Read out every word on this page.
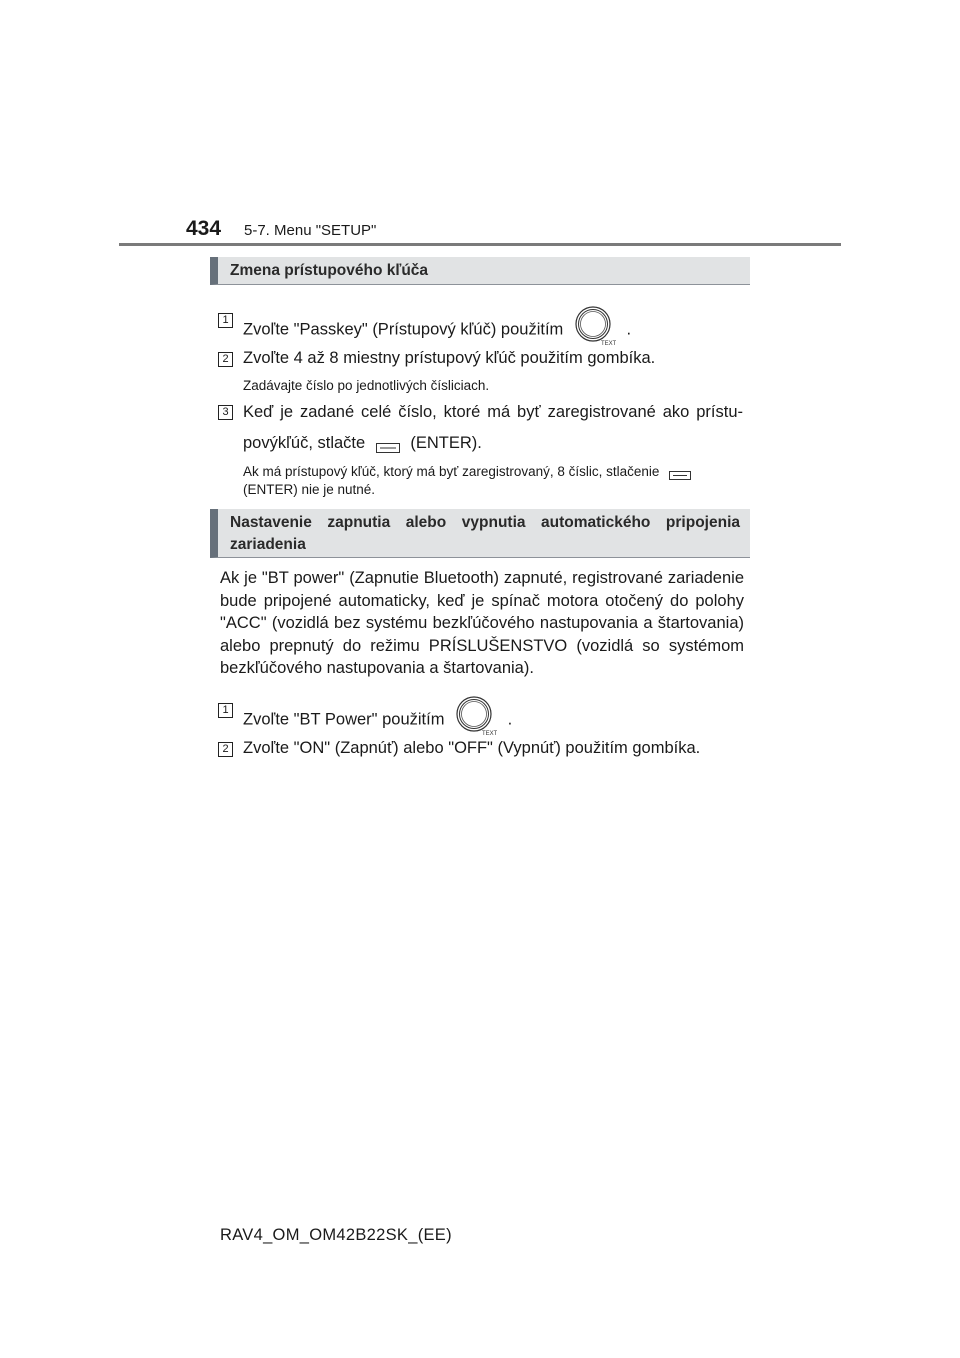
434 5-7. Menu "SETUP"
Zmena prístupového kľúča
1
Zvoľte "Passkey" (Prístupový kľúč) použitím
TEXT
.
2 Zvoľte 4 až 8 miestny prístupový kľúč použitím gombíka.
Zadávajte číslo po jednotlivých čísliciach.
3 Keď je zadané celé číslo, ktoré má byť zaregistrované ako prístu-
povýkľúč, stlačte	(ENTER).
Ak má prístupový kľúč, ktorý má byť zaregistrovaný, 8 číslic, stlačenie
(ENTER) nie je nutné.
Nastavenie zapnutia alebo vypnutia automatického pripojenia zariadenia
Ak je "BT power" (Zapnutie Bluetooth) zapnuté, registrované zariadenie bude pripojené automaticky, keď je spínač motora otočený do polohy "ACC" (vozidlá bez systému bezkľúčového nastupovania a štartovania) alebo prepnutý do režimu PRÍSLUŠENSTVO (vozidlá so systémom bezkľúčového nastupovania a štartovania).
1
Zvoľte "BT Power" použitím
TEXT
.
2 Zvoľte "ON" (Zapnúť) alebo "OFF" (Vypnúť) použitím gombíka.
RAV4_OM_OM42B22SK_(EE)
